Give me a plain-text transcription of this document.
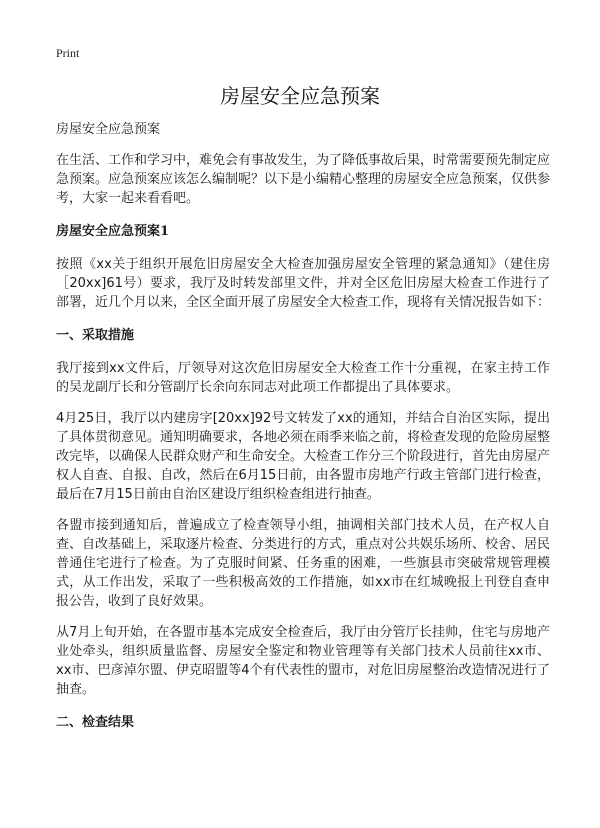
Print
房屋安全应急预案

房屋安全应急预案

在生活、工作和学习中，难免会有事故发生，为了降低事故后果，时常需要预先制定应急预案。应急预案应该怎么编制呢？以下是小编精心整理的房屋安全应急预案，仅供参考，大家一起来看看吧。

房屋安全应急预案1

按照《xx关于组织开展危旧房屋安全大检查加强房屋安全管理的紧急通知》（建住房［20xx]61号）要求，我厅及时转发部里文件，并对全区危旧房屋大检查工作进行了部署，近几个月以来，全区全面开展了房屋安全大检查工作，现将有关情况报告如下：

一、采取措施

我厅接到xx文件后，厅领导对这次危旧房屋安全大检查工作十分重视，在家主持工作的吴龙副厅长和分管副厅长余向东同志对此项工作都提出了具体要求。

4月25日，我厅以内建房字[20xx]92号文转发了xx的通知，并结合自治区实际，提出了具体贯彻意见。通知明确要求，各地必须在雨季来临之前，将检查发现的危险房屋整改完毕，以确保人民群众财产和生命安全。大检查工作分三个阶段进行，首先由房屋产权人自查、自报、自改，然后在6月15日前，由各盟市房地产行政主管部门进行检查，最后在7月15日前由自治区建设厅组织检查组进行抽查。

各盟市接到通知后，普遍成立了检查领导小组，抽调相关部门技术人员，在产权人自查、自改基础上，采取逐片检查、分类进行的方式，重点对公共娱乐场所、校舍、居民普通住宅进行了检查。为了克服时间紧、任务重的困难，一些旗县市突破常规管理模式，从工作出发，采取了一些积极高效的工作措施，如xx市在红城晚报上刊登自查申报公告，收到了良好效果。

从7月上旬开始，在各盟市基本完成安全检查后，我厅由分管厅长挂帅，住宅与房地产业处牵头，组织质量监督、房屋安全鉴定和物业管理等有关部门技术人员前往xx市、xx市、巴彦淖尔盟、伊克昭盟等4个有代表性的盟市，对危旧房屋整治改造情况进行了抽查。

二、检查结果
